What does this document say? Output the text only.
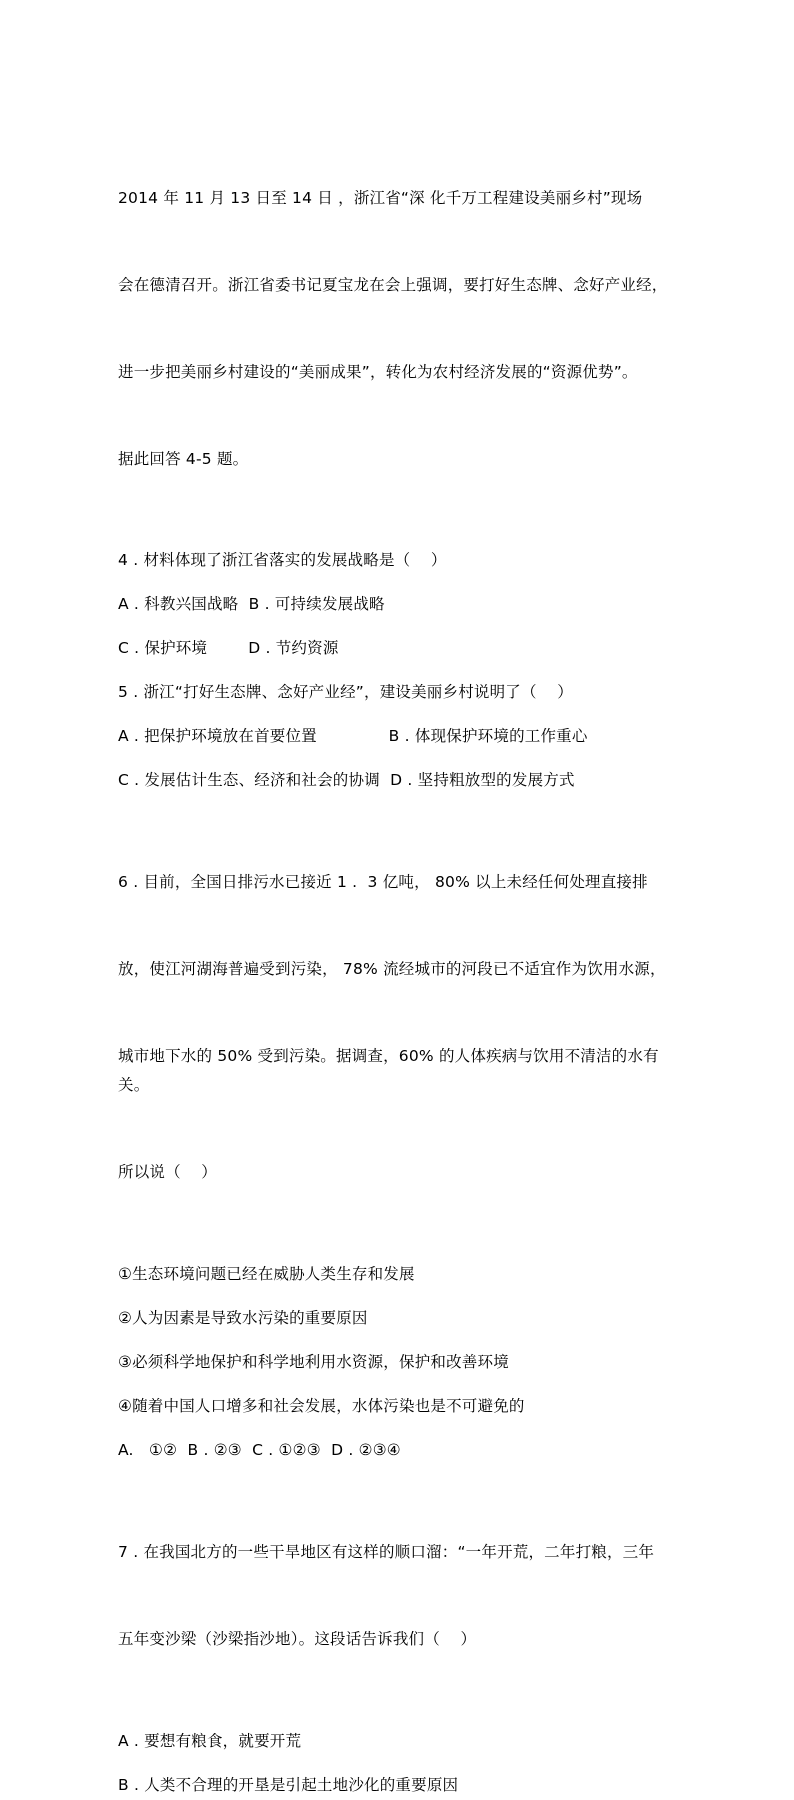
2014 年 11 月 13 日至 14 日 ，浙江省“深 化千万工程建设美丽乡村”现场

会在德清召开。浙江省委书记夏宝龙在会上强调，要打好生态牌、念好产业经，

进一步把美丽乡村建设的“美丽成果”，转化为农村经济发展的“资源优势”。

据此回答 4-5 题。

4 . 材料体现了浙江省落实的发展战略是（    ）

A . 科教兴国战略  B . 可持续发展战略

C . 保护环境        D . 节约资源

5 . 浙江“打好生态牌、念好产业经”，建设美丽乡村说明了（    ）

A . 把保护环境放在首要位置              B . 体现保护环境的工作重心

C . 发展估计生态、经济和社会的协调  D . 坚持粗放型的发展方式

6 . 目前，全国日排污水已接近 1 .  3 亿吨， 80% 以上未经任何处理直接排

放，使江河湖海普遍受到污染， 78% 流经城市的河段已不适宜作为饮用水源，

城市地下水的 50% 受到污染。据调查，60% 的人体疾病与饮用不清洁的水有关。

所以说（    ）

①生态环境问题已经在威胁人类生存和发展

②人为因素是导致水污染的重要原因

③必须科学地保护和科学地利用水资源，保护和改善环境

④随着中国人口增多和社会发展，水体污染也是不可避免的

A.   ①②  B . ②③  C . ①②③  D . ②③④

7 . 在我国北方的一些干旱地区有这样的顺口溜：“一年开荒，二年打粮，三年

五年变沙梁（沙梁指沙地）。这段话告诉我们（    ）

A . 要想有粮食，就要开荒

B . 人类不合理的开垦是引起土地沙化的重要原因
